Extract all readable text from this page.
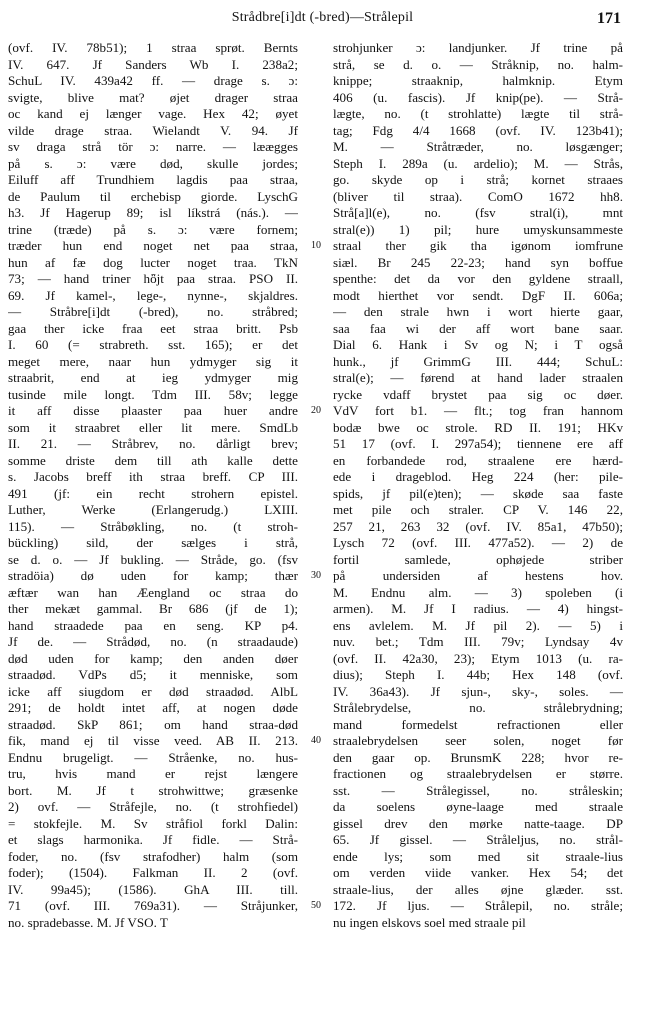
Strådbre[i]dt (-bred)—Strålepil	171
(ovf. IV. 78b51); 1 straa sprøt. Bernts
IV. 647. Jf Sanders Wb I. 238a2;
SchuL IV. 439a42 ff. — drage s. ɔ:
svigte, blive mat? øjet drager straa
oc kand ej længer vage. Hex 42; øyet
vilde drage straa. Wielandt V. 94. Jf
sv draga strå tör ɔ: narre. — læægges
på s. ɔ: være død, skulle jordes;
Eiluff aff Trundhiem lagdis paa straa,
de Paulum til erchebisp giorde. LyschG
h3. Jf Hagerup 89; isl líkstrá (nás.). —
trine (træde) på s. ɔ: være fornem;
træder hun end noget net paa straa,
hun af fæ dog lucter noget traa. TkN
73; — hand triner hȫjt paa straa. PSO II.
69. Jf kamel-, lege-, nynne-, skjaldres.
— Stråbre[i]dt (-bred), no. stråbred;
gaa ther icke fraa eet straa britt. Psb
I. 60 (= strabreth. sst. 165); er det
meget mere, naar hun ydmyger sig it
straabrit, end at ieg ydmyger mig
tusinde mile longt. Tdm III. 58v; legge
it aff disse plaaster paa huer andre
som it straabret eller lit mere. SmdLb
II. 21. — Stråbrev, no. dårligt brev;
somme driste dem till ath kalle dette
s. Jacobs breff ith straa breff. CP III.
491 (jf: ein recht strohern epistel.
Luther, Werke (Erlangerudg.) LXIII.
115). — Stråbøkling, no. (t stroh-
bückling) sild, der sælges i strå,
se d. o. — Jf bukling. — Stråde, go. (fsv
stradöia) dø uden for kamp; thær
æftær wan han Æengland oc straa do
ther mekæt gammal. Br 686 (jf de 1);
hand straadede paa en seng. KP p4.
Jf de. — Strådød, no. (n straadaude)
død uden for kamp; den anden døer
straadød. VdPs d5; it menniske, som
icke aff siugdom er død straadød. AlbL
291; de holdt intet aff, at nogen døde
straadød. SkP 861; om hand straa-død
fik, mand ej til visse veed. AB II. 213.
Endnu brugeligt. — Stråenke, no. hus-
tru, hvis mand er rejst længere
bort. M. Jf t strohwittwe; græsenke
2) ovf. — Stråfejle, no. (t strohfiedel)
= stokfejle. M. Sv stråfiol forkl Dalin:
et slags harmonika. Jf fidle. — Strå-
foder, no. (fsv strafodher) halm (som
foder); (1504). Falkman II. 2 (ovf.
IV. 99a45); (1586). GhA III. till.
71 (ovf. III. 769a31). — Stråjunker,
no. spradebasse. M. Jf VSO. T
10
20
30
40
50
strohjunker ɔ: landjunker. Jf trine på
strå, se d. o. — Stråknip, no. halm-
knippe; straaknip, halmknip. Etym
406 (u. fascis). Jf knip(pe). — Strå-
lægte, no. (t strohlatte) lægte til strå-
tag; Fdg 4/4 1668 (ovf. IV. 123b41);
M. — Stråtræder, no. løsgænger;
Steph I. 289a (u. ardelio); M. — Strås,
go. skyde op i strå; kornet straaes
(bliver til straa). ComO 1672 hh8.
Strå[a]l(e), no. (fsv stral(i), mnt
stral(e)) 1) pil; hure umyskunsammeste
straal ther gik tha igønom iomfrune
siæl. Br 245 22-23; hand syn boffue
spenthe: det da vor den gyldene straall,
modt hierthet vor sendt. DgF II. 606a;
— den strale hwn i wort hierte gaar,
saa faa wi der aff wort bane saar.
Dial 6. Hank i Sv og N; i T også
hunk., jf GrimmG III. 444; SchuL:
stral(e); — førend at hand lader straalen
rycke vdaff brystet paa sig oc døer.
VdV fort b1. — flt.; tog fran hannom
bodæ bwe oc strole. RD II. 191; HKv
51 17 (ovf. I. 297a54); tiennene ere aff
en forbandede rod, straalene ere hærd-
ede i drageblod. Heg 224 (her: pile-
spids, jf pil(e)ten); — skøde saa faste
met pile och straler. CP V. 146 22,
257 21, 263 32 (ovf. IV. 85a1, 47b50);
Lysch 72 (ovf. III. 477a52). — 2) de
fortil samlede, ophøjede striber
på undersiden af hestens hov.
M. Endnu alm. — 3) spoleben (i
armen). M. Jf I radius. — 4) hingst-
ens avlelem. M. Jf pil 2). — 5) i
nuv. bet.; Tdm III. 79v; Lyndsay 4v
(ovf. II. 42a30, 23); Etym 1013 (u. ra-
dius); Steph I. 44b; Hex 148 (ovf.
IV. 36a43). Jf sjun-, sky-, soles. —
Strålebrydelse, no. strålebrydning;
mand formedelst refractionen eller
straalebrydelsen seer solen, noget før
den gaar op. BrunsmK 228; hvor re-
fractionen og straalebrydelsen er større.
sst. — Strålegissel, no. stråleskin;
da soelens øyne-laage med straale
gissel drev den mørke natte-taage. DP
65. Jf gissel. — Stråleljus, no. strål-
ende lys; som med sit straale-lius
om verden viide vanker. Hex 54; det
straale-lius, der alles øjne glæder. sst.
172. Jf ljus. — Strålepil, no. stråle;
nu ingen elskovs soel med straale pil
